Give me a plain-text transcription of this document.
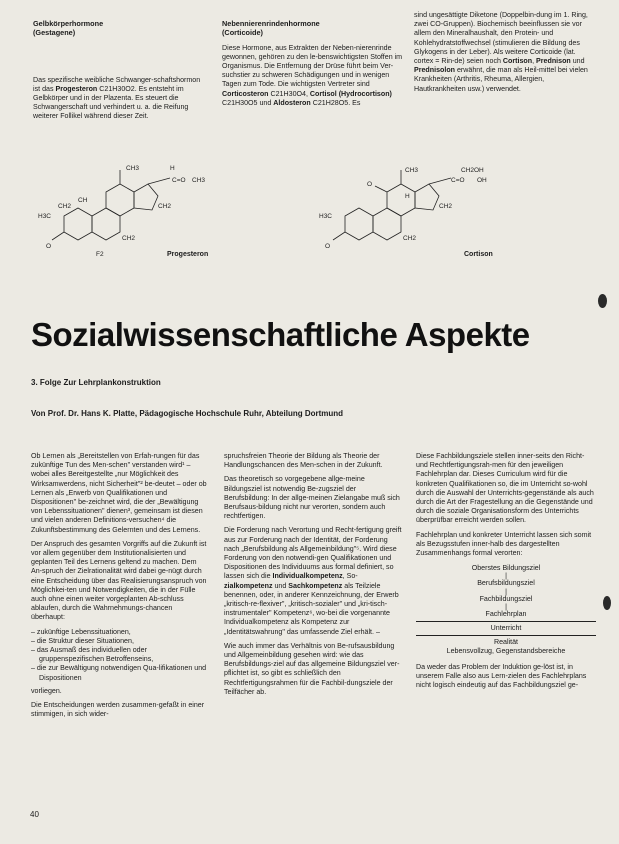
Gelbkörperhormone
(Gestagene)

Das spezifische weibliche Schwanger-schaftshormon ist das Progesteron C21H30O2. Es entsteht im Gelbkörper und in der Plazenta. Es steuert die Schwangerschaft und verhindert u. a. die Reifung weiterer Follikel während dieser Zeit.

Nebennierenrindenhormone
(Corticoide)

Diese Hormone, aus Extrakten der Neben-nierenrinde gewonnen, gehören zu den le-benswichtigsten Stoffen im Organismus. Die Entfernung der Drüse führt beim Ver-suchstier zu schweren Schädigungen und in wenigen Tagen zum Tode. Die wichtigsten Vertreter sind Corticosteron C21H30O4, Cortisol (Hydrocortison) C21H30O5 und Aldosteron C21H28O5. Es

sind ungesättigte Diketone (Doppelbin-dung im 1. Ring, zwei CO-Gruppen). Biochemisch beeinflussen sie vor allem den Mineralhaushalt, den Protein- und Kohlehydratstoffwechsel (stimulieren die Bildung des Glykogens in der Leber). Als weitere Corticoide (lat. cortex = Rin-de) seien noch Cortison, Prednison und Prednisolon erwähnt, die man als Heil-mittel bei vielen Krankheiten (Arthritis, Rheuma, Allergien, Hautkrankheiten usw.) verwendet.

O
H3C
CH3	H
C=O CH3
CH2
CH
CH2
F2
CH2
Progesteron
O
O
H3C
CH3	CH2OH
C=O OH
CH2
CH2
H
Cortison
Sozialwissenschaftliche Aspekte
3. Folge Zur Lehrplankonstruktion
Von Prof. Dr. Hans K. Platte, Pädagogische Hochschule Ruhr, Abteilung Dortmund

Ob Lernen als „Bereitstellen von Erfah-rungen für das zukünftige Tun des Men-schen" verstanden wird¹ – wobei alles Bereitgestellte „nur Möglichkeit des Wirksamwerdens, nicht Sicherheit"² be-deutet – oder ob Lernen als „Erwerb von Qualifikationen und Dispositionen" be-zeichnet wird, die der „Bewältigung von Lebenssituationen" dienen³, gemeinsam ist diesen und vielen anderen Definitions-versuchen⁴ die Zukunftsbestimmung des Gelernten und des Lernens.

Der Anspruch des gesamten Vorgriffs auf die Zukunft ist vor allem gegenüber dem Institutionalisierten und geplanten Teil des Lernens geltend zu machen. Dem An-spruch der Zielrationalität wird dabei ge-nügt durch eine Entscheidung über das Realisierungsanspruch von Möglichkei-ten und Notwendigkeiten, die in der Fülle auch ohne einen weiter vorgeplanten Ab-schluss ablaufen, durch die Wahrnehmungs-chancen überhaupt:

– zukünftige Lebenssituationen,
– die Struktur dieser Situationen,
– das Ausmaß des individuellen oder gruppenspezifischen Betroffenseins,
– die zur Bewältigung notwendigen Qua-lifikationen und Dispositionen

vorliegen.

Die Entscheidungen werden zusammen-gefaßt in einer stimmigen, in sich wider-

spruchsfreien Theorie der Bildung als Theorie der Handlungschancen des Men-schen in der Zukunft.

Das theoretisch so vorgegebene allge-meine Bildungsziel ist notwendig Be-zugsziel der Berufsbildung: In der allge-meinen Zielangabe muß sich Berufsaus-bildung nicht nur verorten, sondern auch rechtfertigen.

Die Forderung nach Verortung und Recht-fertigung greift aus zur Forderung nach der Identität, der Forderung nach „Berufsbildung als Allgemeinbildung"⁵. Wird diese Forderung von den notwendi-gen Qualifikationen und Dispositionen des Individuums aus formal definiert, so lassen sich die Individualkompetenz, So-zialkompetenz und Sachkompetenz als Teilziele benennen, oder, in anderer Kennzeichnung, der Erwerb „kritisch-re-flexiver", „kritisch-sozialer" und „kri-tisch-instrumentaler" Kompetenz⁶, wo-bei die vorgenannte Individualkompetenz als Kompetenz zur „Identitätswahrung" das umfassende Ziel erhält. –

Wie auch immer das Verhältnis von Be-rufsausbildung und Allgemeinbildung gesehen wird: wie das Berufsbildungs-ziel auf das allgemeine Bildungsziel ver-pflichtet ist, so gibt es schließlich den Rechtfertigungsrahmen für die Fachbil-dungsziele der Teilfächer ab.

Diese Fachbildungsziele stellen inner-seits den Richt- und Rechtfertigungsrah-men für den jeweiligen Fachlehrplan dar. Dieses Curriculum wird für die konkreten Qualifikationen so, die im Unterricht so-wohl durch die Auswahl der Unterrichts-gegenstände als auch durch die Art der Fragestellung an die Gegenstände und durch die soziale Organisationsform des Unterrichts überprüfbar erreicht werden sollen.

Fachlehrplan und konkreter Unterricht lassen sich somit als Bezugsstufen inner-halb des dargestellten Zusammenhangs formal verorten:

Oberstes Bildungsziel
|
Berufsbildungsziel
|
Fachbildungsziel
|
Fachlehrplan
Unterricht
Realität
Lebensvollzug, Gegenstandsbereiche

Da weder das Problem der Induktion ge-löst ist, in unserem Falle also aus Lern-zielen des Fachlehrplans nicht logisch eindeutig auf das Fachbildungsziel ge-

40
